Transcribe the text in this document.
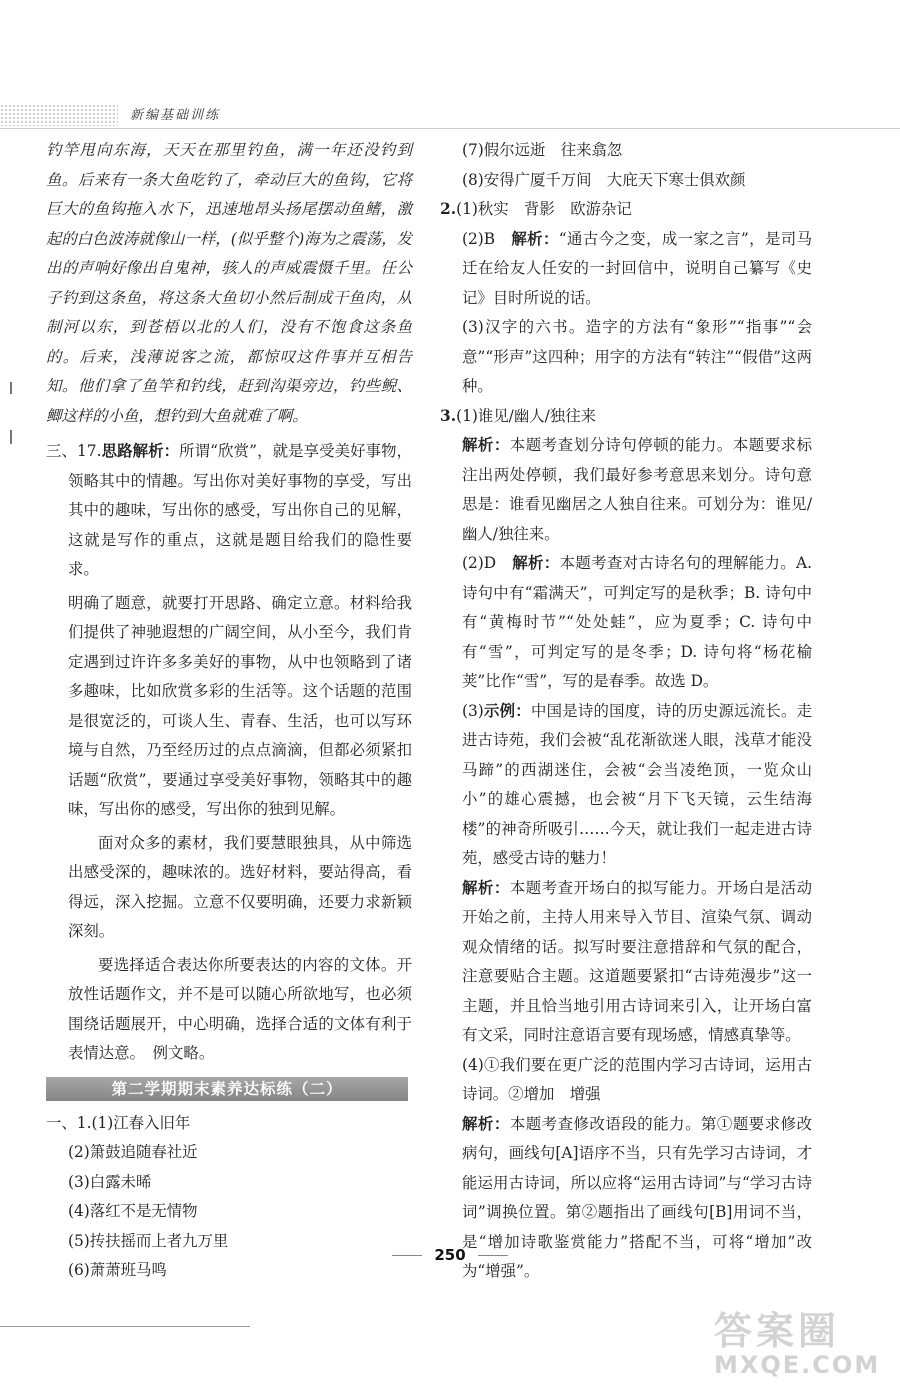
新编基础训练

钓竿甩向东海，天天在那里钓鱼，满一年还没钓到鱼。后来有一条大鱼吃钓了，牵动巨大的鱼钩，它将巨大的鱼钩拖入水下，迅速地昂头扬尾摆动鱼鳍，激起的白色波涛就像山一样，(似乎整个)海为之震荡，发出的声响好像出自鬼神，骇人的声威震慑千里。任公子钓到这条鱼，将这条大鱼切小然后制成干鱼肉，从制河以东，到苍梧以北的人们，没有不饱食这条鱼的。后来，浅薄说客之流，都惊叹这件事并互相告知。他们拿了鱼竿和钓线，赶到沟渠旁边，钓些鲵、鲫这样的小鱼，想钓到大鱼就难了啊。

三、17.思路解析：所谓“欣赏”，就是享受美好事物，领略其中的情趣。写出你对美好事物的享受，写出其中的趣味，写出你的感受，写出你自己的见解，这就是写作的重点，这就是题目给我们的隐性要求。

明确了题意，就要打开思路、确定立意。材料给我们提供了神驰遐想的广阔空间，从小至今，我们肯定遇到过许许多多美好的事物，从中也领略到了诸多趣味，比如欣赏多彩的生活等。这个话题的范围是很宽泛的，可谈人生、青春、生活，也可以写环境与自然，乃至经历过的点点滴滴，但都必须紧扣话题“欣赏”，要通过享受美好事物，领略其中的趣味，写出你的感受，写出你的独到见解。

面对众多的素材，我们要慧眼独具，从中筛选出感受深的，趣味浓的。选好材料，要站得高，看得远，深入挖掘。立意不仅要明确，还要力求新颖深刻。

要选择适合表达你所要表达的内容的文体。开放性话题作文，并不是可以随心所欲地写，也必须围绕话题展开，中心明确，选择合适的文体有利于表情达意。　例文略。

第二学期期末素养达标练（二）

一、1.(1)江春入旧年

(2)箫鼓追随春社近

(3)白露未晞

(4)落红不是无情物

(5)抟扶摇而上者九万里

(6)萧萧班马鸣

(7)假尔远逝　往来翕忽

(8)安得广厦千万间　大庇天下寒士俱欢颜

2.(1)秋实　背影　欧游杂记

(2)B　解析：“通古今之变，成一家之言”，是司马迁在给友人任安的一封回信中，说明自己纂写《史记》目时所说的话。

(3)汉字的六书。造字的方法有“象形”“指事”“会意”“形声”这四种；用字的方法有“转注”“假借”这两种。

3.(1)谁见/幽人/独往来

解析：本题考查划分诗句停顿的能力。本题要求标注出两处停顿，我们最好参考意思来划分。诗句意思是：谁看见幽居之人独自往来。可划分为：谁见/幽人/独往来。

(2)D　解析：本题考查对古诗名句的理解能力。A. 诗句中有“霜满天”，可判定写的是秋季；B. 诗句中有“黄梅时节”“处处蛙”，应为夏季；C. 诗句中有“雪”，可判定写的是冬季；D. 诗句将“杨花榆荚”比作“雪”，写的是春季。故选 D。

(3)示例：中国是诗的国度，诗的历史源远流长。走进古诗苑，我们会被“乱花渐欲迷人眼，浅草才能没马蹄”的西湖迷住，会被“会当凌绝顶，一览众山小”的雄心震撼，也会被“月下飞天镜，云生结海楼”的神奇所吸引……今天，就让我们一起走进古诗苑，感受古诗的魅力！

解析：本题考查开场白的拟写能力。开场白是活动开始之前，主持人用来导入节目、渲染气氛、调动观众情绪的话。拟写时要注意措辞和气氛的配合，注意要贴合主题。这道题要紧扣“古诗苑漫步”这一主题，并且恰当地引用古诗词来引入，让开场白富有文采，同时注意语言要有现场感，情感真挚等。

(4)①我们要在更广泛的范围内学习古诗词，运用古诗词。②增加　增强

解析：本题考查修改语段的能力。第①题要求修改病句，画线句[A]语序不当，只有先学习古诗词，才能运用古诗词，所以应将“运用古诗词”与“学习古诗词”调换位置。第②题指出了画线句[B]用词不当，是“增加诗歌鉴赏能力”搭配不当，可将“增加”改为“增强”。

250
答案圈
MXQE.COM
